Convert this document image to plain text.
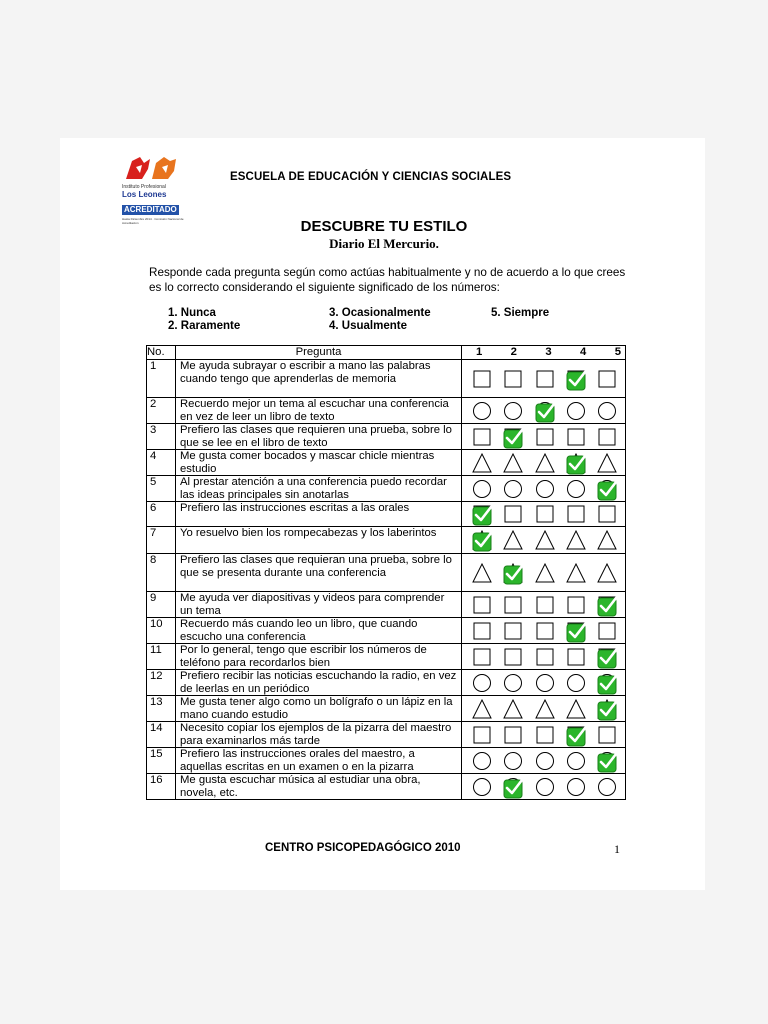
Instituto Profesional
Los Leones
ACREDITADO
Hasta Diciembre 2014 · Comisión Nacional de Acreditación
ESCUELA DE EDUCACIÓN Y CIENCIAS SOCIALES
DESCUBRE TU ESTILO
Diario El Mercurio.
Responde cada pregunta según como actúas habitualmente y no de acuerdo a lo que crees es lo correcto considerando el siguiente significado de los números:
1. Nunca
2. Raramente
3. Ocasionalmente
4. Usualmente
5. Siempre
No.	Pregunta	1 2 3 4 5

1	Me ayuda subrayar o escribir a mano las palabras cuando tengo que aprenderlas de memoria	

2	Recuerdo mejor un tema al escuchar una conferencia en vez de leer un libro de texto	

3	Prefiero las clases que requieren una prueba, sobre lo que se lee en el libro de texto	

4	Me gusta comer bocados y mascar chicle mientras estudio	

5	Al prestar atención a una conferencia puedo recordar las ideas principales sin anotarlas	

6	Prefiero las instrucciones escritas a las orales	

7	Yo resuelvo bien los rompecabezas y los laberintos	

8	Prefiero las clases que requieran una prueba, sobre lo que se presenta durante una conferencia	

9	Me ayuda ver diapositivas y videos para comprender un tema	

10	Recuerdo más cuando leo un libro, que cuando escucho una conferencia	

11	Por lo general, tengo que escribir los números de teléfono para recordarlos bien	

12	Prefiero recibir las noticias escuchando la radio, en vez de leerlas en un periódico	

13	Me gusta tener algo como un bolígrafo o un lápiz en la mano cuando estudio	

14	Necesito copiar los ejemplos de la pizarra del maestro para examinarlos más tarde	

15	Prefiero las instrucciones orales del maestro, a aquellas escritas en un examen o en la pizarra	

16	Me gusta escuchar música al estudiar una obra, novela, etc.	
CENTRO PSICOPEDAGÓGICO 2010	1
